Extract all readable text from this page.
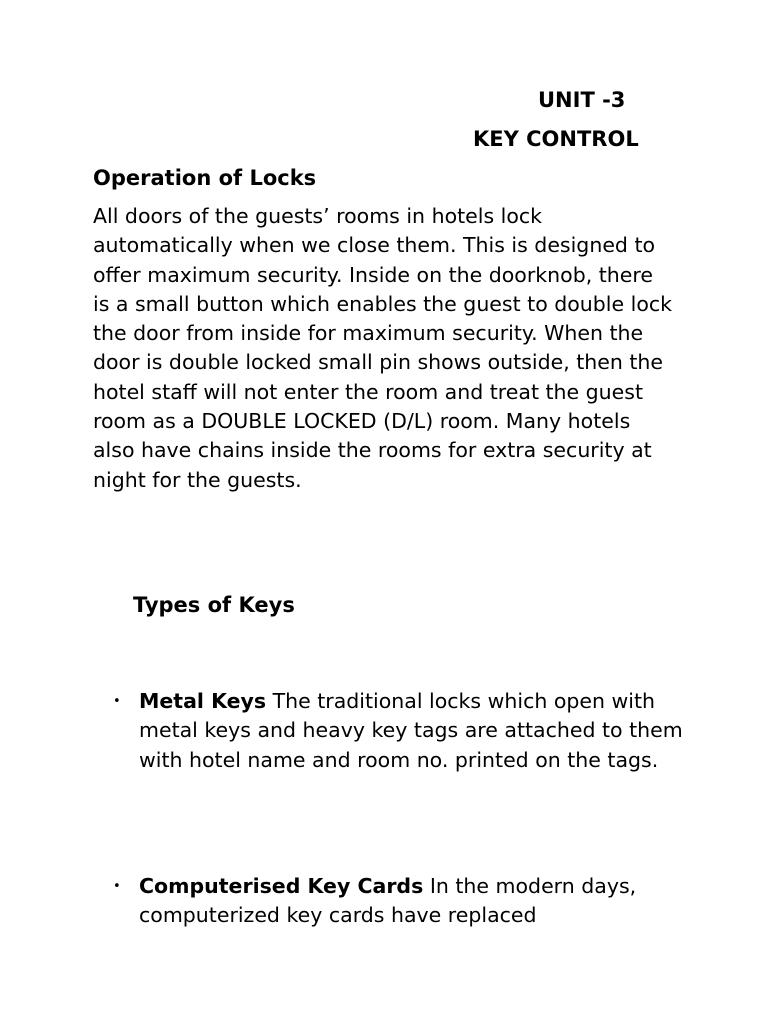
UNIT -3
KEY CONTROL
Operation of Locks

All doors of the guests’ rooms in hotels lock automatically when we close them. This is designed to offer maximum security. Inside on the doorknob, there is a small button which enables the guest to double lock the door from inside for maximum security. When the door is double locked small pin shows outside, then the hotel staff will not enter the room and treat the guest room as a DOUBLE LOCKED (D/L) room. Many hotels also have chains inside the rooms for extra security at night for the guests.

Types of Keys
• Metal Keys The traditional locks which open with metal keys and heavy key tags are attached to them with hotel name and room no. printed on the tags.
• Computerised Key Cards In the modern days, computerized key cards have replaced
